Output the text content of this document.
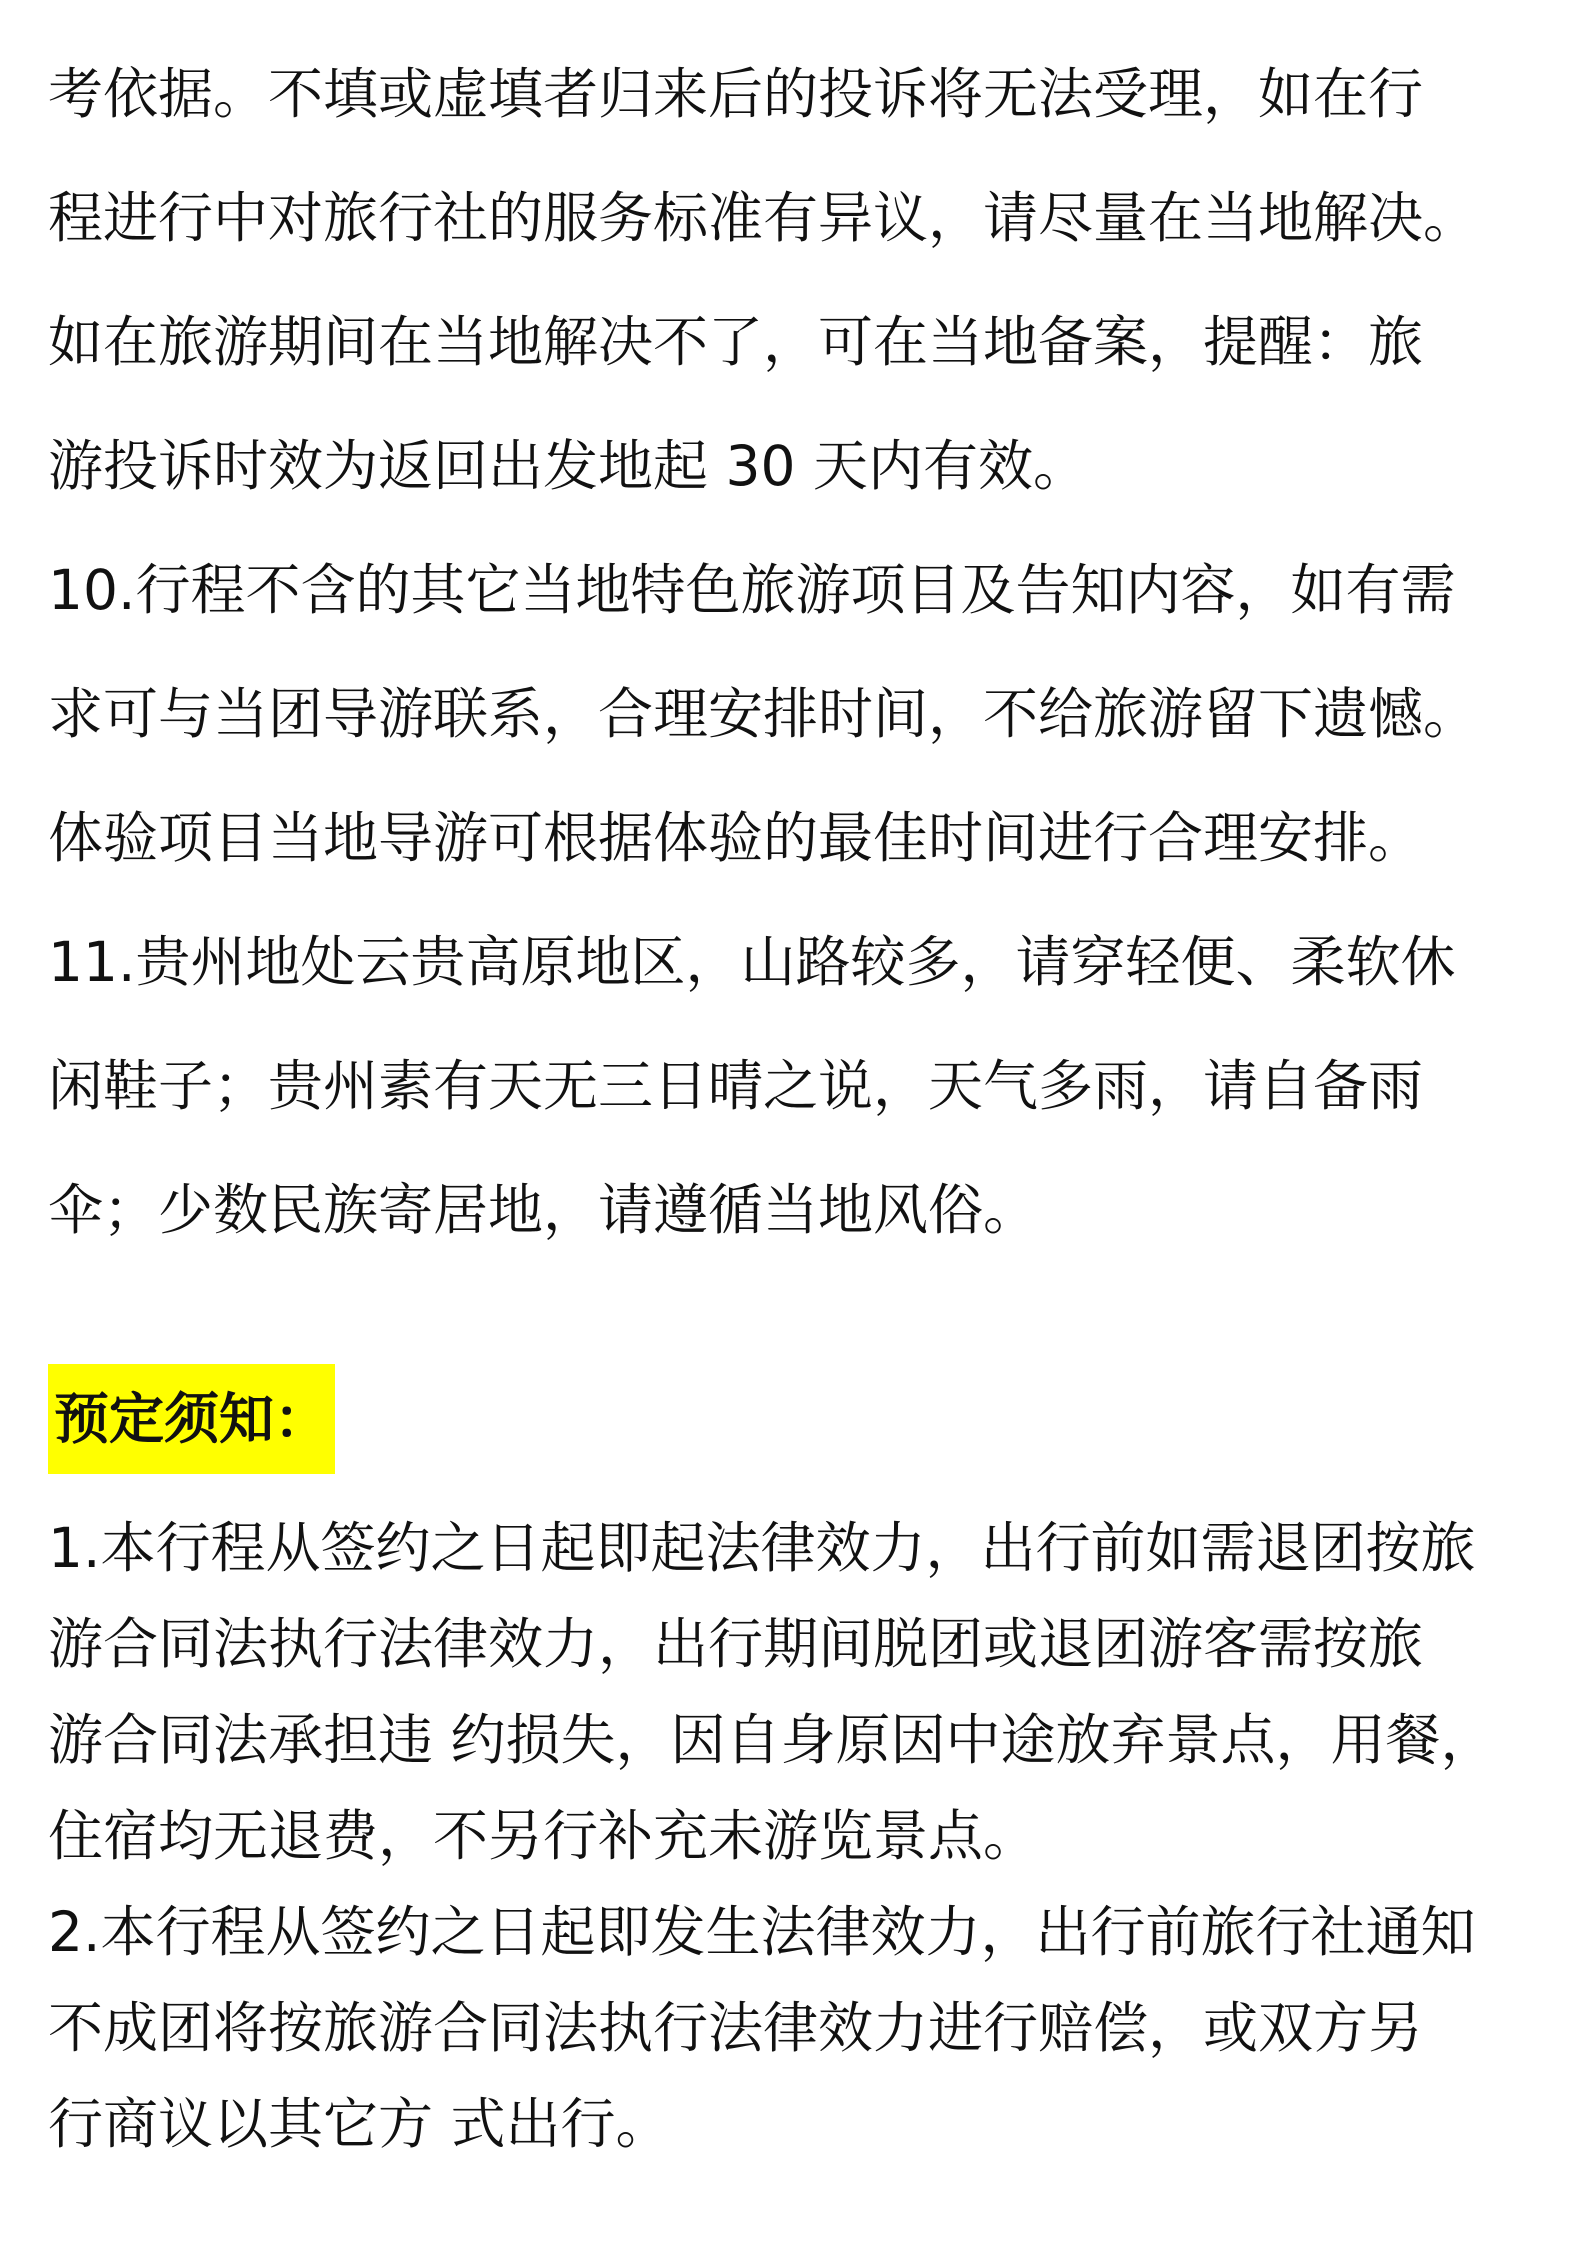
考依据。不填或虚填者归来后的投诉将无法受理，如在行

程进行中对旅行社的服务标准有异议，请尽量在当地解决。

如在旅游期间在当地解决不了，可在当地备案，提醒：旅

游投诉时效为返回出发地起 30 天内有效。

10.行程不含的其它当地特色旅游项目及告知内容，如有需

求可与当团导游联系，合理安排时间，不给旅游留下遗憾。

体验项目当地导游可根据体验的最佳时间进行合理安排。

11.贵州地处云贵高原地区，山路较多，请穿轻便、柔软休

闲鞋子；贵州素有天无三日晴之说，天气多雨，请自备雨

伞；少数民族寄居地，请遵循当地风俗。

预定须知：

1.本行程从签约之日起即起法律效力，出行前如需退团按旅

游合同法执行法律效力，出行期间脱团或退团游客需按旅

游合同法承担违 约损失，因自身原因中途放弃景点，用餐，

住宿均无退费，不另行补充未游览景点。

2.本行程从签约之日起即发生法律效力，出行前旅行社通知

不成团将按旅游合同法执行法律效力进行赔偿，或双方另

行商议以其它方 式出行。
